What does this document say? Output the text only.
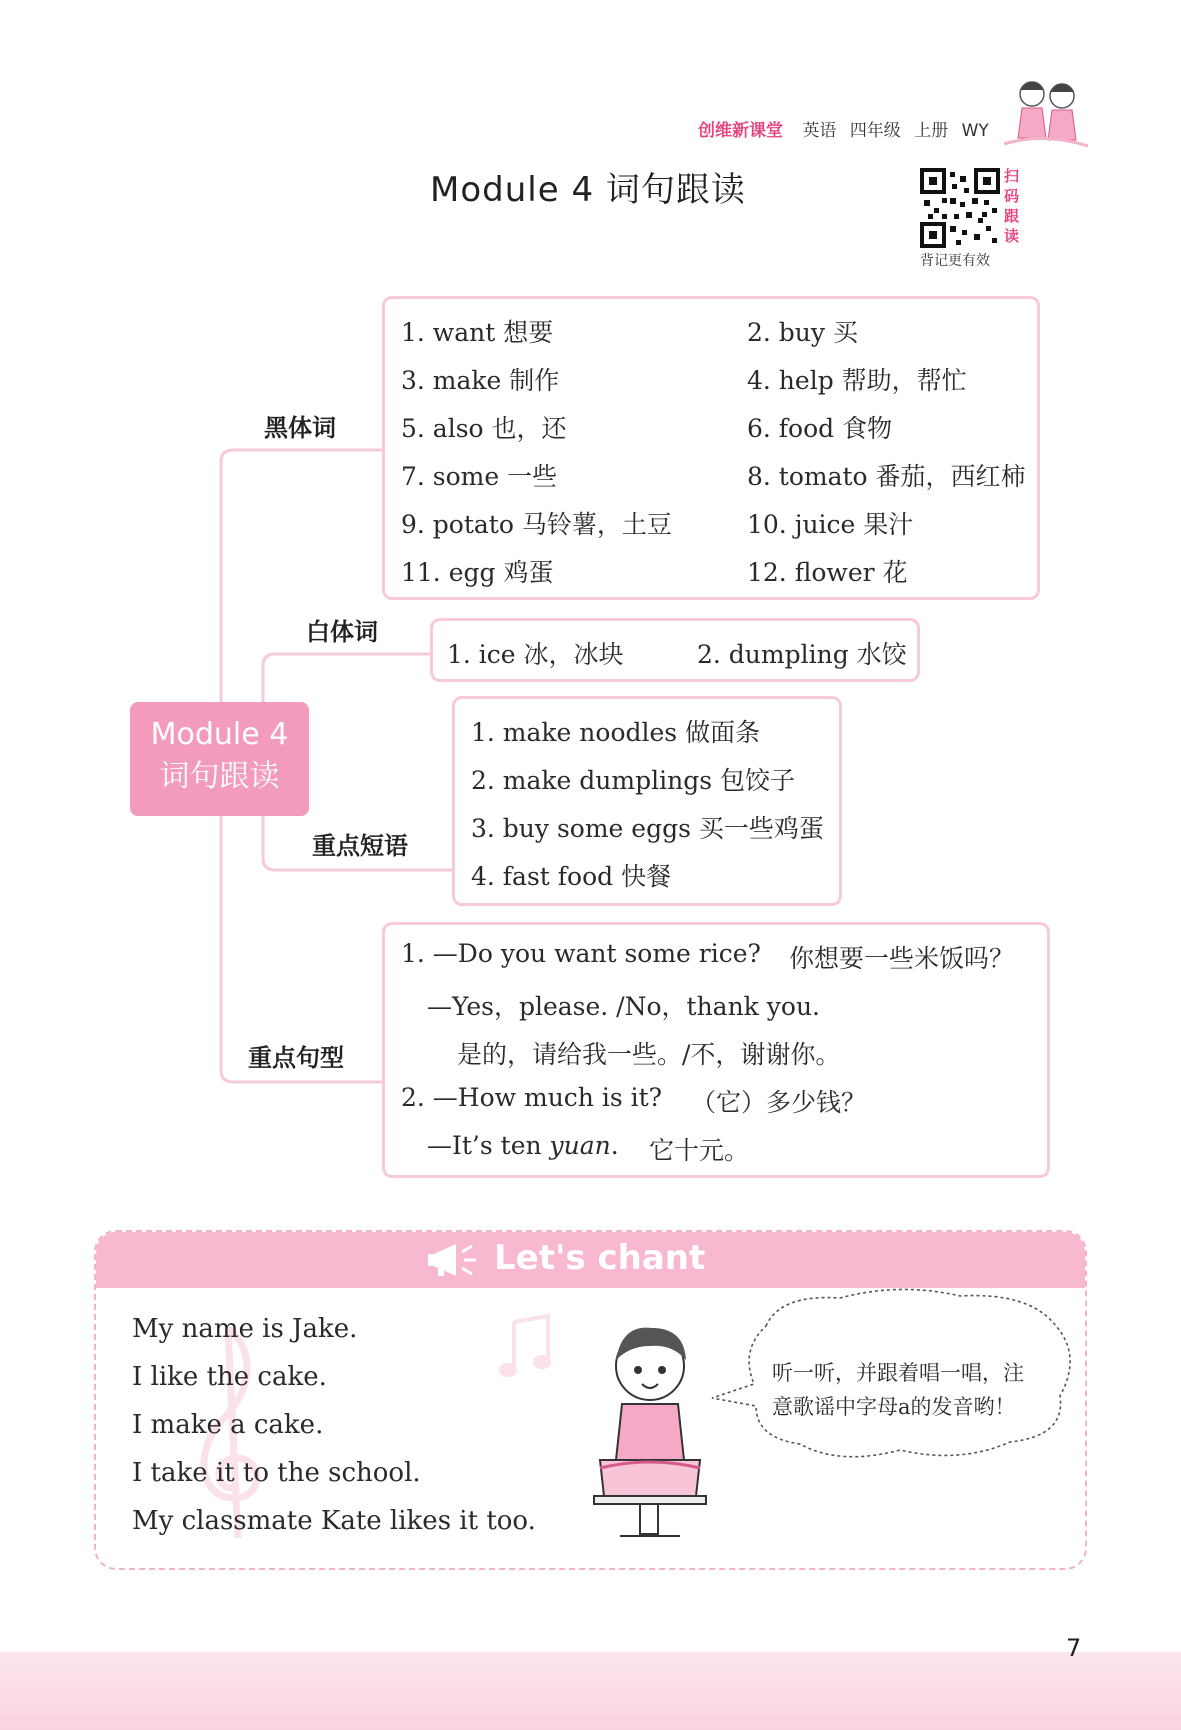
创维新课堂 英语 四年级 上册 WY
Module 4 词句跟读	扫码跟读
背记更有效
Module 4
词句跟读
黑体词
1. want 想要	2. buy 买
3. make 制作	4. help 帮助，帮忙
5. also 也，还	6. food 食物
7. some 一些	8. tomato 番茄，西红柿
9. potato 马铃薯，土豆	10. juice 果汁
11. egg 鸡蛋	12. flower 花
白体词
1. ice 冰，冰块	2. dumpling 水饺
重点短语
1. make noodles 做面条
2. make dumplings 包饺子
3. buy some eggs 买一些鸡蛋
4. fast food 快餐
重点句型
1. —Do you want some rice? 你想要一些米饭吗？
—Yes，please. /No，thank you.
是的，请给我一些。/不，谢谢你。
2. —How much is it? （它）多少钱？
—It’s ten yuan. 它十元。
Let's chant
My name is Jake.
I like the cake.
I make a cake.
I take it to the school.
My classmate Kate likes it too.
听一听，并跟着唱一唱，注
意歌谣中字母a的发音哟！
7
